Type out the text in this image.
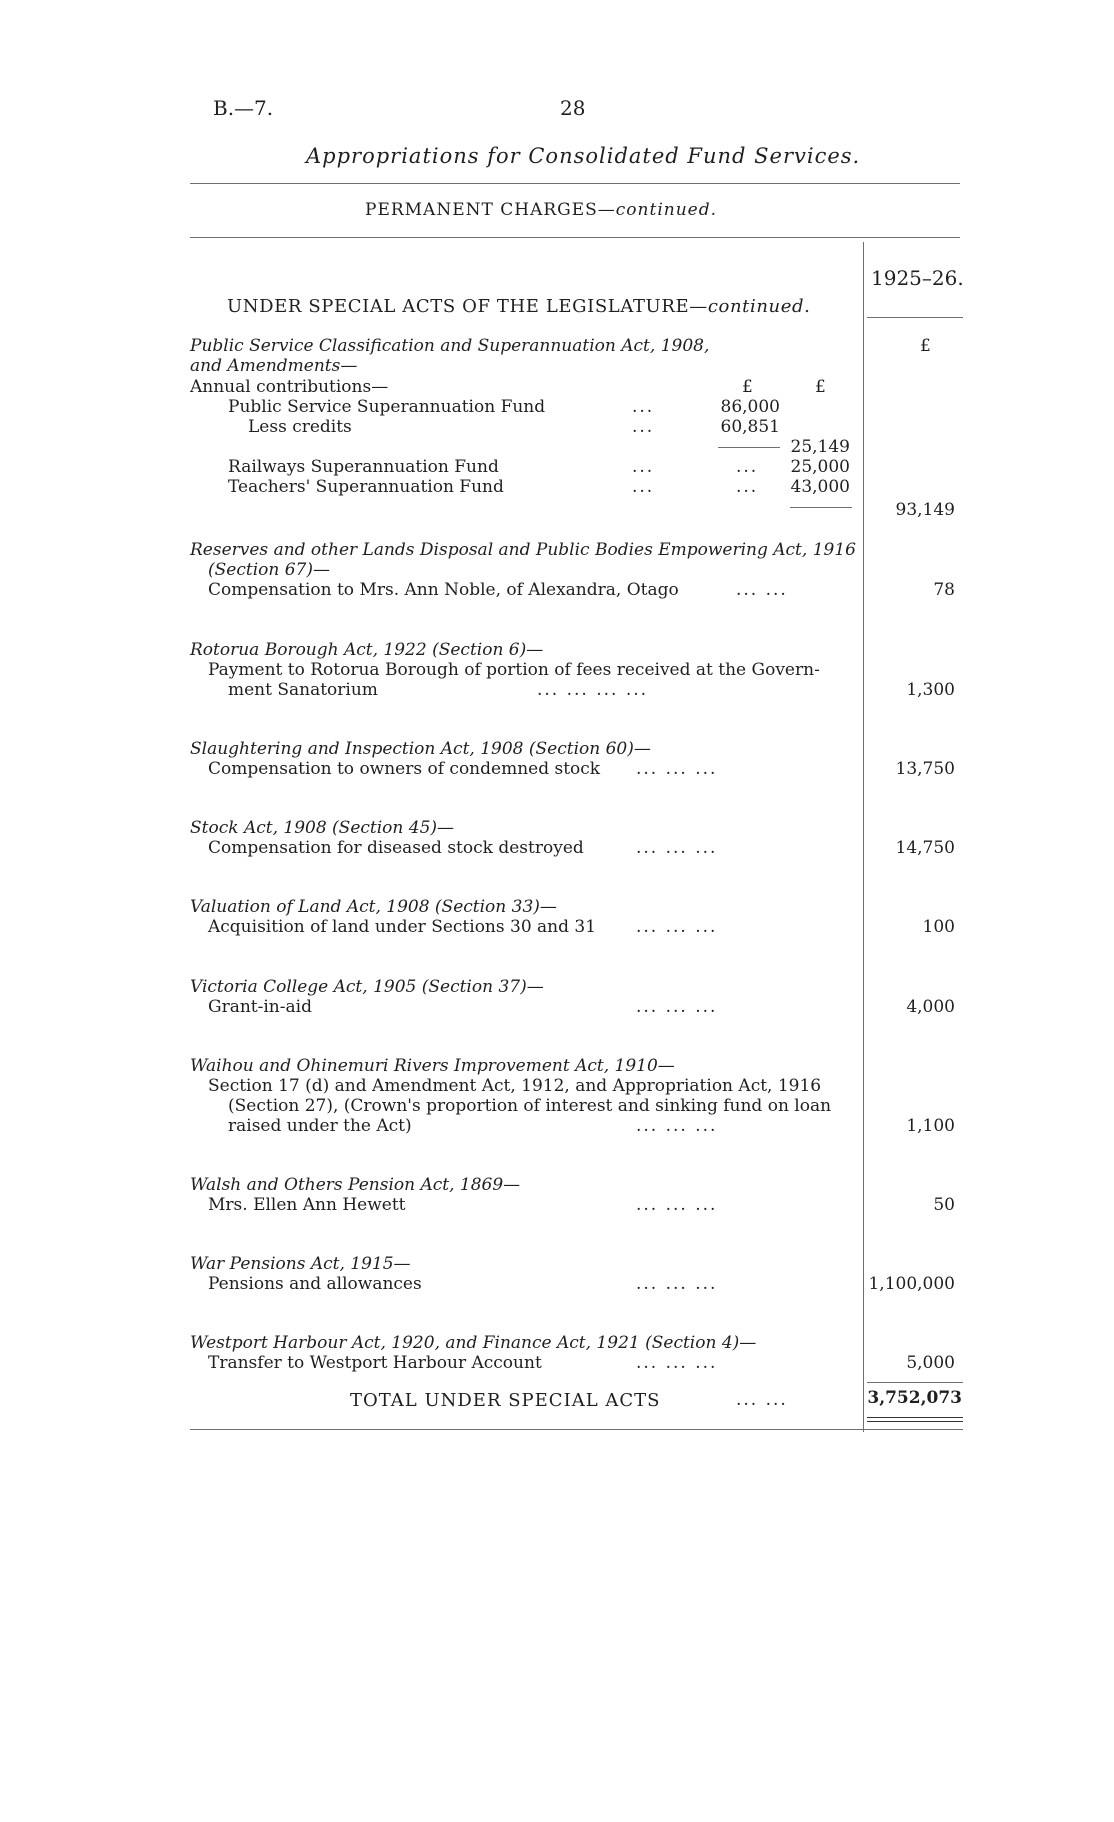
B.—7.	28
Appropriations for Consolidated Fund Services.
PERMANENT CHARGES—continued.
1925–26.
£
UNDER SPECIAL ACTS OF THE LEGISLATURE—continued.
Public Service Classification and Superannuation Act, 1908,
and Amendments—
Annual contributions—	£	£
Public Service Superannuation Fund	...	86,000
Less credits	...	60,851
25,149
Railways Superannuation Fund	...	...	25,000
Teachers' Superannuation Fund	...	...	43,000
93,149
Reserves and other Lands Disposal and Public Bodies Empowering Act, 1916
(Section 67)—
Compensation to Mrs. Ann Noble, of Alexandra, Otago	... ...	78
Rotorua Borough Act, 1922 (Section 6)—
Payment to Rotorua Borough of portion of fees received at the Govern-
ment Sanatorium	... ... ... ...	1,300
Slaughtering and Inspection Act, 1908 (Section 60)—
Compensation to owners of condemned stock ... ... ...	13,750
Stock Act, 1908 (Section 45)—
Compensation for diseased stock destroyed	... ... ...	14,750
Valuation of Land Act, 1908 (Section 33)—
Acquisition of land under Sections 30 and 31 ... ... ...	100
Victoria College Act, 1905 (Section 37)—
Grant-in-aid	... ... ...	4,000
Waihou and Ohinemuri Rivers Improvement Act, 1910—
Section 17 (d) and Amendment Act, 1912, and Appropriation Act, 1916
(Section 27), (Crown's proportion of interest and sinking fund on loan
raised under the Act)	... ... ...	1,100
Walsh and Others Pension Act, 1869—
Mrs. Ellen Ann Hewett	... ... ...	50
War Pensions Act, 1915—
Pensions and allowances	... ... ...	1,100,000
Westport Harbour Act, 1920, and Finance Act, 1921 (Section 4)—
Transfer to Westport Harbour Account	... ... ...	5,000
TOTAL UNDER SPECIAL ACTS	... ...	3,752,073
